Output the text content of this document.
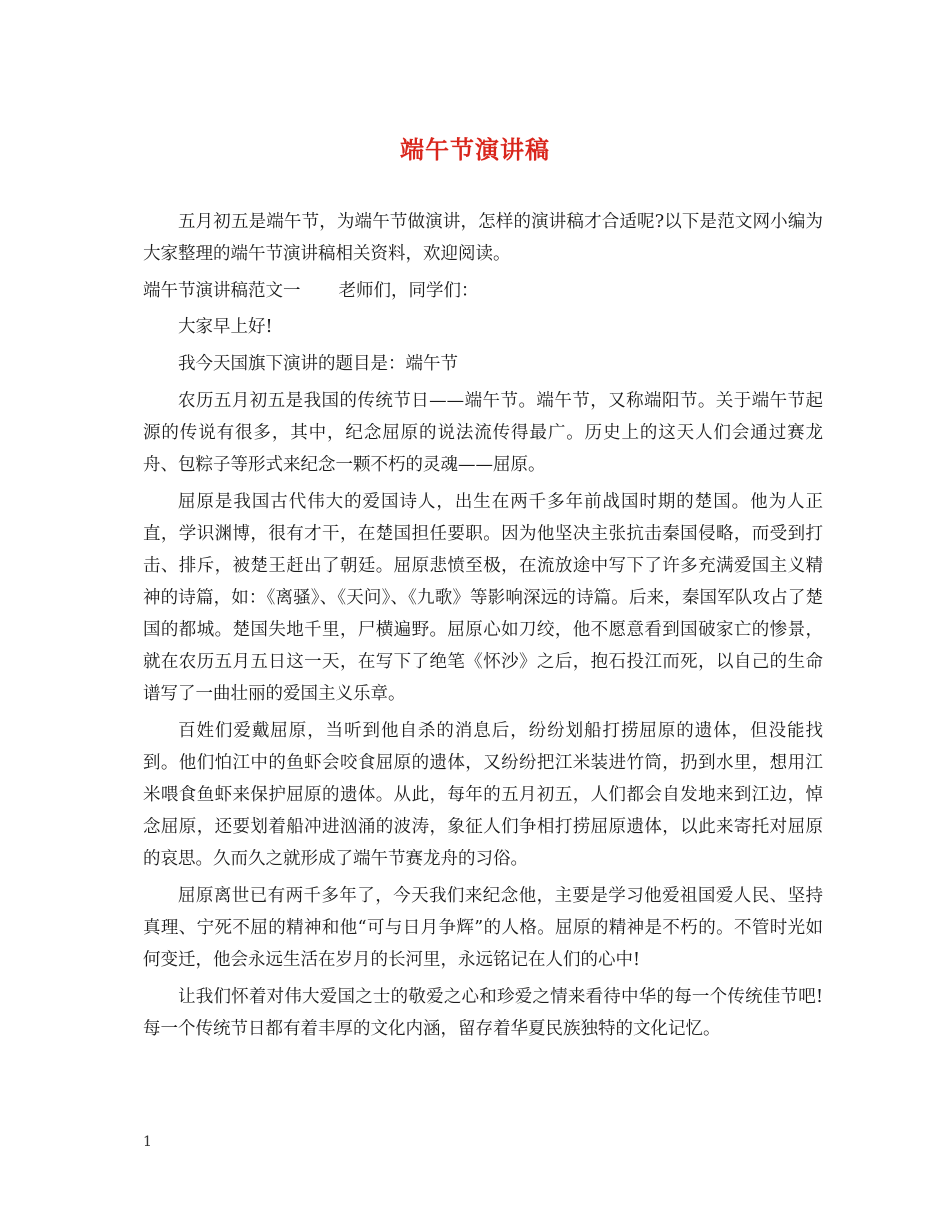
端午节演讲稿

五月初五是端午节，为端午节做演讲，怎样的演讲稿才合适呢?以下是范文网小编为大家整理的端午节演讲稿相关资料，欢迎阅读。

端午节演讲稿范文一 老师们，同学们：

大家早上好!

我今天国旗下演讲的题目是：端午节

农历五月初五是我国的传统节日——端午节。端午节，又称端阳节。关于端午节起源的传说有很多，其中，纪念屈原的说法流传得最广。历史上的这天人们会通过赛龙舟、包粽子等形式来纪念一颗不朽的灵魂——屈原。

屈原是我国古代伟大的爱国诗人，出生在两千多年前战国时期的楚国。他为人正直，学识渊博，很有才干，在楚国担任要职。因为他坚决主张抗击秦国侵略，而受到打击、排斥，被楚王赶出了朝廷。屈原悲愤至极，在流放途中写下了许多充满爱国主义精神的诗篇，如：《离骚》、《天问》、《九歌》等影响深远的诗篇。后来，秦国军队攻占了楚国的都城。楚国失地千里，尸横遍野。屈原心如刀绞，他不愿意看到国破家亡的惨景，就在农历五月五日这一天，在写下了绝笔《怀沙》之后，抱石投江而死，以自己的生命谱写了一曲壮丽的爱国主义乐章。

百姓们爱戴屈原，当听到他自杀的消息后，纷纷划船打捞屈原的遗体，但没能找到。他们怕江中的鱼虾会咬食屈原的遗体，又纷纷把江米装进竹筒，扔到水里，想用江米喂食鱼虾来保护屈原的遗体。从此，每年的五月初五，人们都会自发地来到江边，悼念屈原，还要划着船冲进汹涌的波涛，象征人们争相打捞屈原遗体，以此来寄托对屈原的哀思。久而久之就形成了端午节赛龙舟的习俗。

屈原离世已有两千多年了，今天我们来纪念他，主要是学习他爱祖国爱人民、坚持真理、宁死不屈的精神和他“可与日月争辉”的人格。屈原的精神是不朽的。不管时光如何变迁，他会永远生活在岁月的长河里，永远铭记在人们的心中!

让我们怀着对伟大爱国之士的敬爱之心和珍爱之情来看待中华的每一个传统佳节吧!每一个传统节日都有着丰厚的文化内涵，留存着华夏民族独特的文化记忆。

1
